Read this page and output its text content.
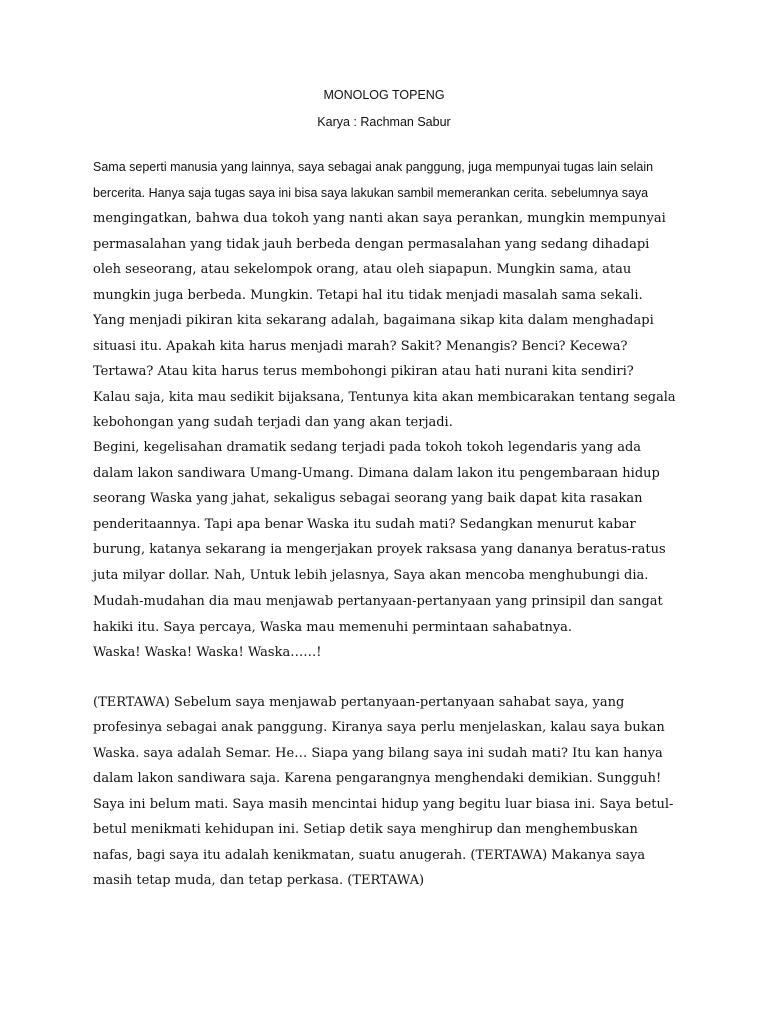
MONOLOG TOPENG
Karya : Rachman Sabur
Sama seperti manusia yang lainnya, saya sebagai anak panggung, juga mempunyai tugas lain selain
bercerita. Hanya saja tugas saya ini bisa saya lakukan sambil memerankan cerita. sebelumnya saya
mengingatkan, bahwa dua tokoh yang nanti akan saya perankan, mungkin mempunyai
permasalahan yang tidak jauh berbeda dengan permasalahan yang sedang dihadapi
oleh seseorang, atau sekelompok orang, atau oleh siapapun. Mungkin sama, atau
mungkin juga berbeda. Mungkin. Tetapi hal itu tidak menjadi masalah sama sekali.
Yang menjadi pikiran kita sekarang adalah, bagaimana sikap kita dalam menghadapi
situasi itu. Apakah kita harus menjadi marah? Sakit? Menangis? Benci? Kecewa?
Tertawa? Atau kita harus terus membohongi pikiran atau hati nurani kita sendiri?
Kalau saja, kita mau sedikit bijaksana, Tentunya kita akan membicarakan tentang segala
kebohongan yang sudah terjadi dan yang akan terjadi.
Begini, kegelisahan dramatik sedang terjadi pada tokoh tokoh legendaris yang ada
dalam lakon sandiwara Umang-Umang. Dimana dalam lakon itu pengembaraan hidup
seorang Waska yang jahat, sekaligus sebagai seorang yang baik dapat kita rasakan
penderitaannya. Tapi apa benar Waska itu sudah mati? Sedangkan menurut kabar
burung, katanya sekarang ia mengerjakan proyek raksasa yang dananya beratus-ratus
juta milyar dollar. Nah, Untuk lebih jelasnya, Saya akan mencoba menghubungi dia.
Mudah-mudahan dia mau menjawab pertanyaan-pertanyaan yang prinsipil dan sangat
hakiki itu. Saya percaya, Waska mau memenuhi permintaan sahabatnya.
Waska! Waska! Waska! Waska……!
(TERTAWA) Sebelum saya menjawab pertanyaan-pertanyaan sahabat saya, yang
profesinya sebagai anak panggung. Kiranya saya perlu menjelaskan, kalau saya bukan
Waska. saya adalah Semar. He… Siapa yang bilang saya ini sudah mati? Itu kan hanya
dalam lakon sandiwara saja. Karena pengarangnya menghendaki demikian. Sungguh!
Saya ini belum mati. Saya masih mencintai hidup yang begitu luar biasa ini. Saya betul-
betul menikmati kehidupan ini. Setiap detik saya menghirup dan menghembuskan
nafas, bagi saya itu adalah kenikmatan, suatu anugerah. (TERTAWA) Makanya saya
masih tetap muda, dan tetap perkasa. (TERTAWA)
